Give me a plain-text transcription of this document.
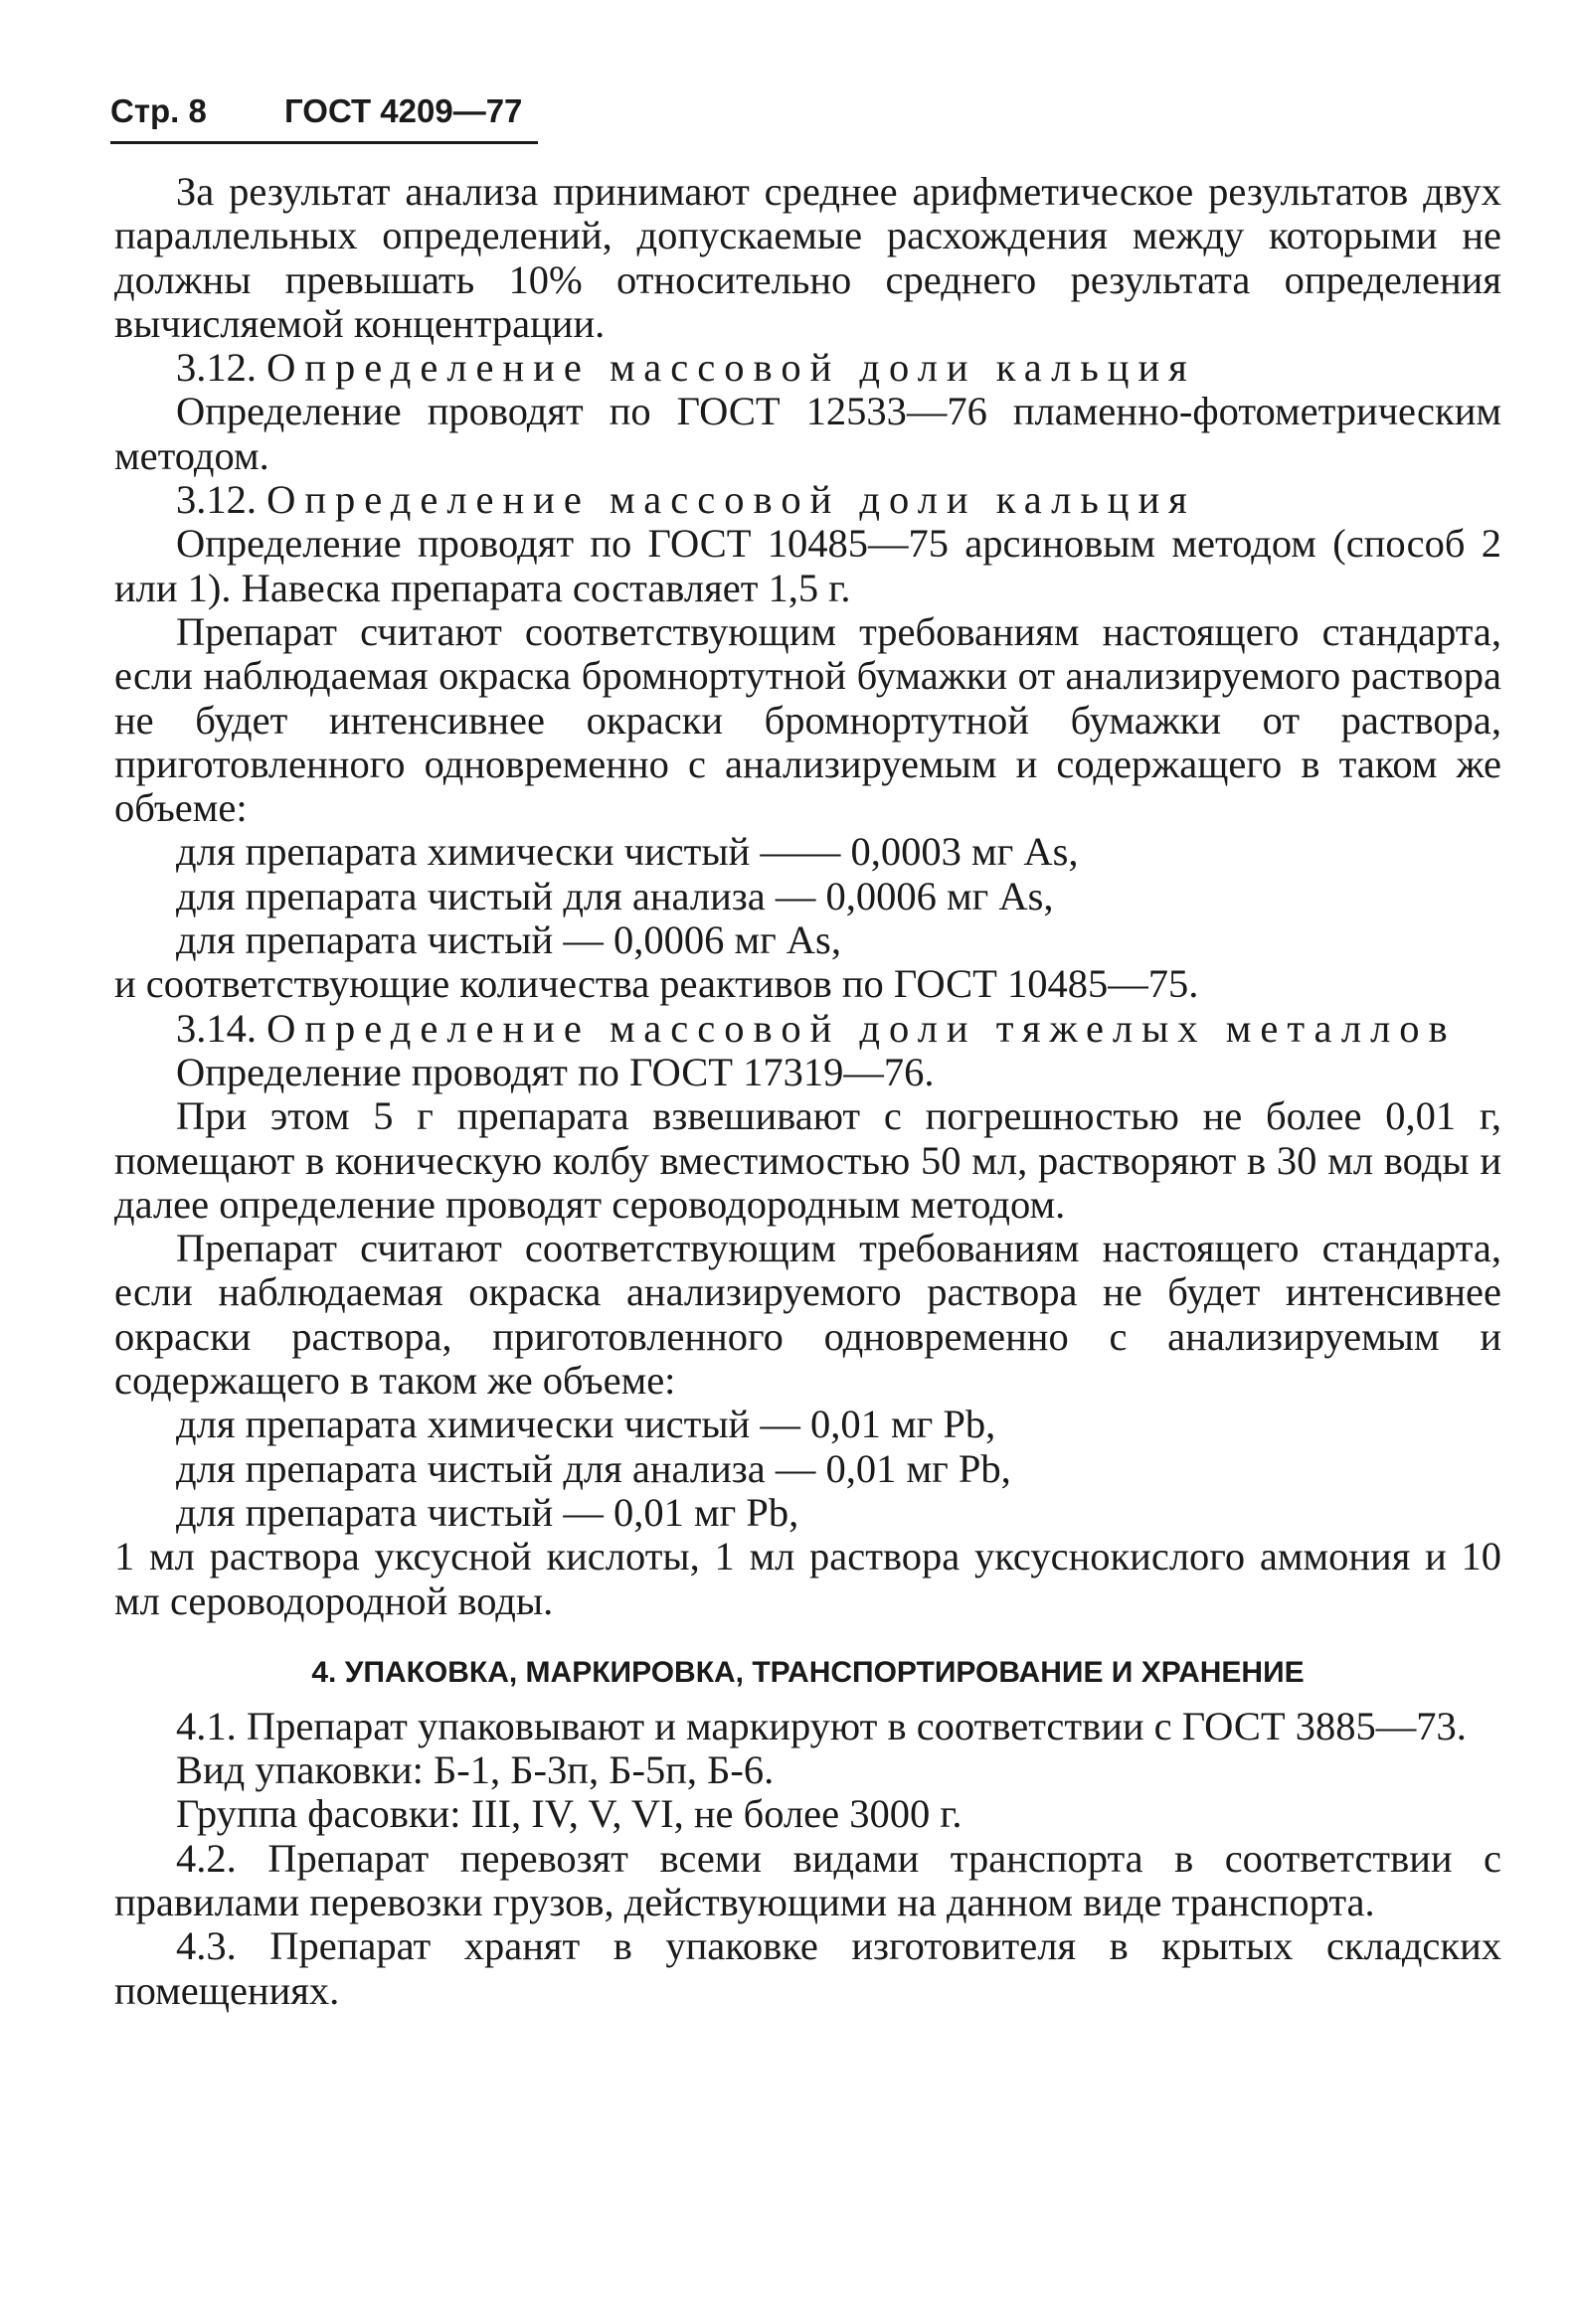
Стр. 8 ГОСТ 4209—77

За результат анализа принимают среднее арифметическое результатов двух параллельных определений, допускаемые расхождения между которыми не должны превышать 10% относительно среднего результата определения вычисляемой концентрации.

3.12. Определение массовой доли кальция

Определение проводят по ГОСТ 12533—76 пламенно-фотометрическим методом.

3.12. Определение массовой доли кальция

Определение проводят по ГОСТ 10485—75 арсиновым методом (способ 2 или 1). Навеска препарата составляет 1,5 г.

Препарат считают соответствующим требованиям настоящего стандарта, если наблюдаемая окраска бромнортутной бумажки от анализируемого раствора не будет интенсивнее окраски бромнортутной бумажки от раствора, приготовленного одновременно с анализируемым и содержащего в таком же объеме:

для препарата химически чистый —— 0,0003 мг As,

для препарата чистый для анализа — 0,0006 мг As,

для препарата чистый — 0,0006 мг As,

и соответствующие количества реактивов по ГОСТ 10485—75.

3.14. Определение массовой доли тяжелых металлов

Определение проводят по ГОСТ 17319—76.

При этом 5 г препарата взвешивают с погрешностью не более 0,01 г, помещают в коническую колбу вместимостью 50 мл, растворяют в 30 мл воды и далее определение проводят сероводородным методом.

Препарат считают соответствующим требованиям настоящего стандарта, если наблюдаемая окраска анализируемого раствора не будет интенсивнее окраски раствора, приготовленного одновременно с анализируемым и содержащего в таком же объеме:

для препарата химически чистый — 0,01 мг Pb,

для препарата чистый для анализа — 0,01 мг Pb,

для препарата чистый — 0,01 мг Pb,

1 мл раствора уксусной кислоты, 1 мл раствора уксуснокислого аммония и 10 мл сероводородной воды.

4. УПАКОВКА, МАРКИРОВКА, ТРАНСПОРТИРОВАНИЕ И ХРАНЕНИЕ

4.1. Препарат упаковывают и маркируют в соответствии с ГОСТ 3885—73.

Вид упаковки: Б-1, Б-3п, Б-5п, Б-6.

Группа фасовки: III, IV, V, VI, не более 3000 г.

4.2. Препарат перевозят всеми видами транспорта в соответствии с правилами перевозки грузов, действующими на данном виде транспорта.

4.3. Препарат хранят в упаковке изготовителя в крытых складских помещениях.
